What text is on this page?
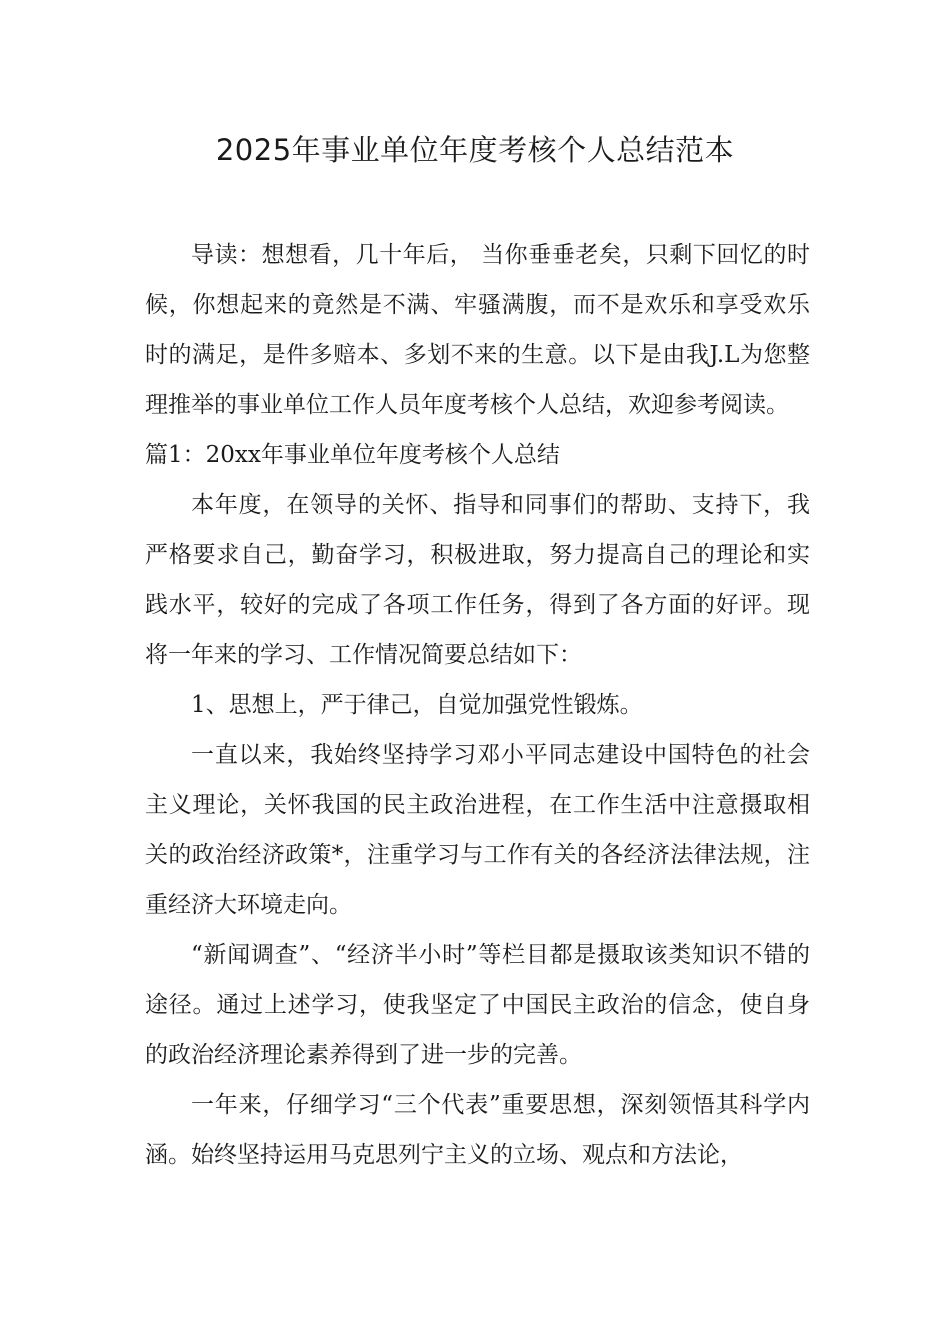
2025年事业单位年度考核个人总结范本

导读：想想看，几十年后， 当你垂垂老矣，只剩下回忆的时候，你想起来的竟然是不满、牢骚满腹，而不是欢乐和享受欢乐时的满足，是件多赔本、多划不来的生意。以下是由我J.L为您整理推举的事业单位工作人员年度考核个人总结，欢迎参考阅读。

篇1：20xx年事业单位年度考核个人总结

本年度，在领导的关怀、指导和同事们的帮助、支持下，我严格要求自己，勤奋学习，积极进取，努力提高自己的理论和实践水平，较好的完成了各项工作任务，得到了各方面的好评。现将一年来的学习、工作情况简要总结如下：

1、思想上，严于律己，自觉加强党性锻炼。

一直以来，我始终坚持学习邓小平同志建设中国特色的社会主义理论，关怀我国的民主政治进程，在工作生活中注意摄取相关的政治经济政策*，注重学习与工作有关的各经济法律法规，注重经济大环境走向。

“新闻调查”、“经济半小时”等栏目都是摄取该类知识不错的途径。通过上述学习，使我坚定了中国民主政治的信念，使自身的政治经济理论素养得到了进一步的完善。

一年来，仔细学习“三个代表”重要思想，深刻领悟其科学内涵。始终坚持运用马克思列宁主义的立场、观点和方法论，
